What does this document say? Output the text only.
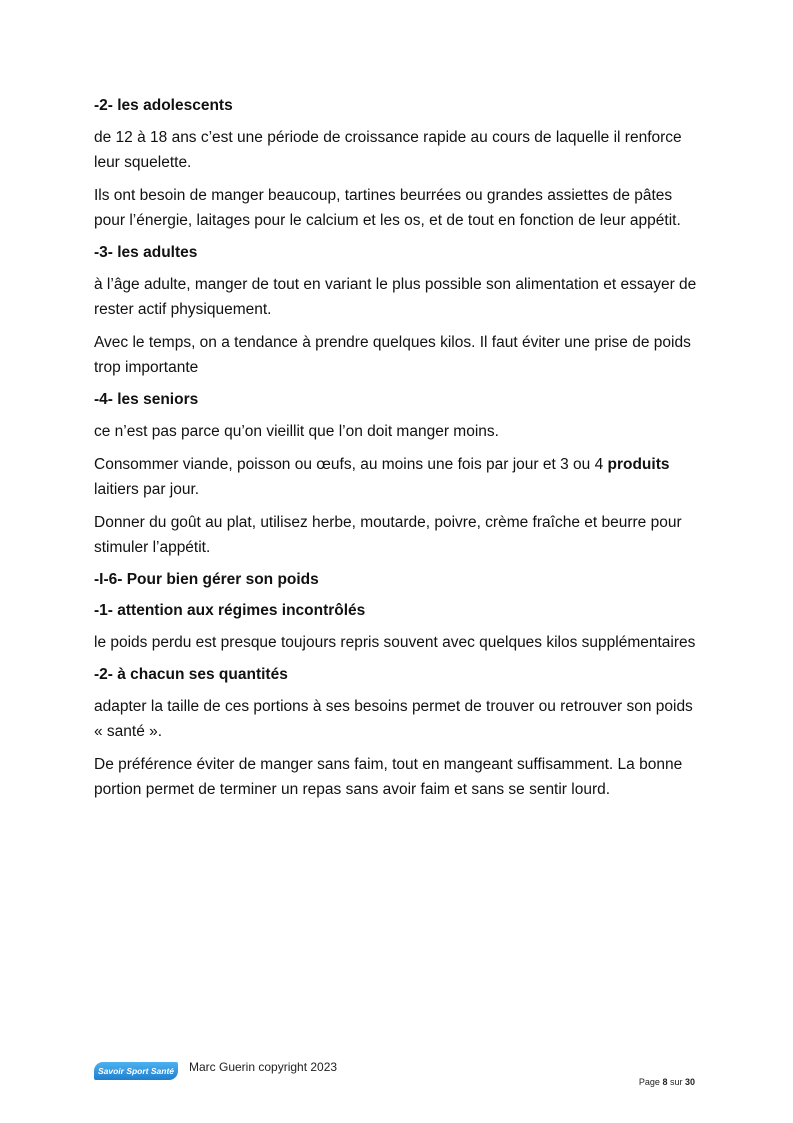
-2- les adolescents
de 12 à 18 ans c’est une période de croissance rapide au cours de laquelle il renforce leur squelette.
Ils ont besoin de manger beaucoup, tartines beurrées ou grandes assiettes de pâtes pour l’énergie, laitages pour le calcium et les os, et de tout en fonction de leur appétit.
-3- les adultes
à l’âge adulte, manger de tout en variant le plus possible son alimentation et essayer de rester actif physiquement.
Avec le temps, on a tendance à prendre quelques kilos. Il faut éviter une prise de poids trop importante
-4- les seniors
ce n’est pas parce qu’on vieillit que l’on doit manger moins.
Consommer viande, poisson ou œufs, au moins une fois par jour et 3 ou 4 produits laitiers par jour.
Donner du goût au plat, utilisez herbe, moutarde, poivre, crème fraîche et beurre pour stimuler l’appétit.
-I-6- Pour bien gérer son poids
-1- attention aux régimes incontrôlés
le poids perdu est presque toujours repris souvent avec quelques kilos supplémentaires
-2- à chacun ses quantités
adapter la taille de ces portions à ses besoins permet de trouver ou retrouver son poids « santé ».
De préférence éviter de manger sans faim, tout en mangeant suffisamment. La bonne portion permet de terminer un repas sans avoir faim et sans se sentir lourd.
Savoir Sport Santé	Marc Guerin copyright 2023
Page 8 sur 30
